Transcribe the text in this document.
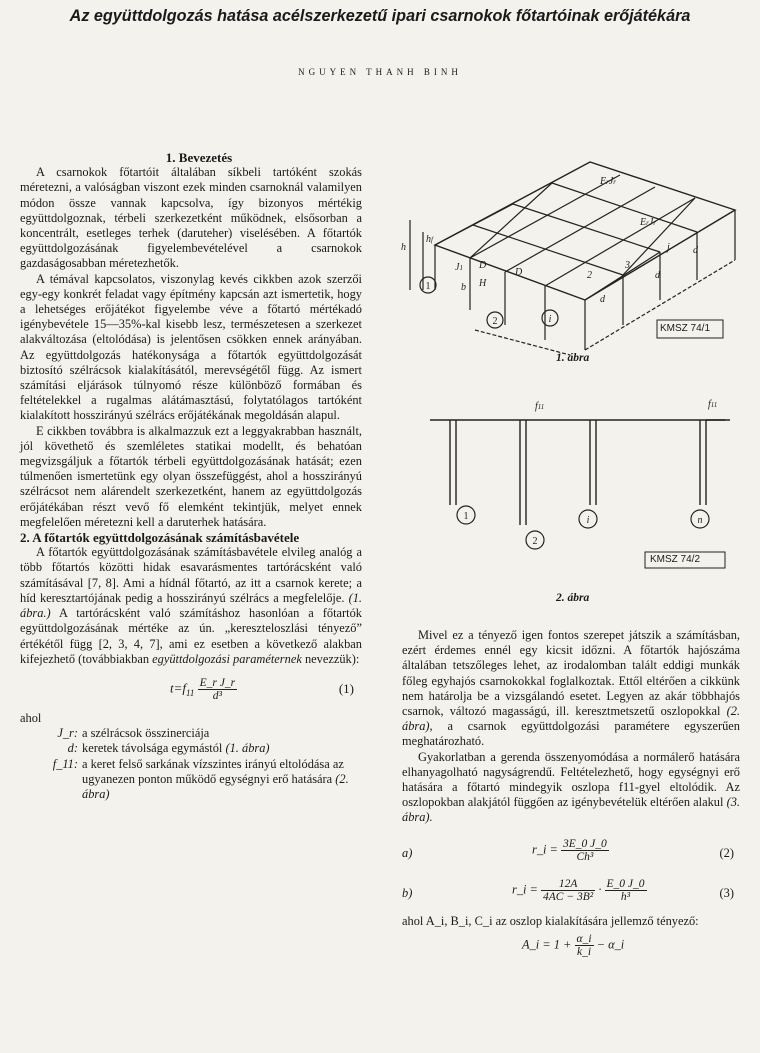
Az együttdolgozás hatása acélszerkezetű ipari csarnokok főtartóinak erőjátékára
NGUYEN THANH BINH

1. Bevezetés

A csarnokok főtartóit általában síkbeli tartóként szokás méretezni, a valóságban viszont ezek minden csarnoknál valamilyen módon össze vannak kapcsolva, így bizonyos mértékig együttdolgoznak, térbeli szerkezetként működnek, elsősorban a koncentrált, esetleges terhek (daruteher) viselésében. A főtartók együttdolgozásának figyelembevételével a csarnokok gazdaságosabban méretezhetők.

A témával kapcsolatos, viszonylag kevés cikkben azok szerzői egy-egy konkrét feladat vagy építmény kapcsán azt ismertetik, hogy a lehetséges erőjátékot figyelembe véve a főtartó mértékadó igénybevétele 15—35%-kal kisebb lesz, természetesen a szerkezet alakváltozása (eltolódása) is jelentősen csökken ennek arányában. Az együttdolgozás hatékonysága a főtartók együttdolgozását biztosító szélrácsok kialakításától, merevségétől függ. Az ismert számítási eljárások túlnyomó része különböző formában és feltételekkel a rugalmas alátámasztású, folytatólagos tartóként kialakított hosszirányú szélrács erőjátékának megoldásán alapul.

E cikkben továbbra is alkalmazzuk ezt a leggyakrabban használt, jól követhető és szemléletes statikai modellt, és behatóan megvizsgáljuk a főtartók térbeli együttdolgozásának hatását; ezen túlmenően ismertetünk egy olyan összefüggést, ahol a hosszirányú szélrácsot nem alárendelt szerkezetként, hanem az együttdolgozás erőjátékában részt vevő fő elemként tekintjük, melyet ennek megfelelően méretezni kell a daruterhek hatására.

2. A főtartók együttdolgozásának számításbavétele

A főtartók együttdolgozásának számításbavétele elvileg analóg a több főtartós közötti hidak esavarásmentes tartórácsként való számításával [7, 8]. Ami a hídnál főtartó, az itt a csarnok kerete; a híd keresztartójának pedig a hosszirányú szélrács a megfelelője. (1. ábra.) A tartórácsként való számításhoz hasonlóan a főtartók együttdolgozásának mértéke az ún. „kereszteloszlási tényező” értékétől függ [2, 3, 4, 7], ami ez esetben a következő alakban kifejezhető (továbbiakban együttdolgozási paraméternek nevezzük):

$t=f_{11} \frac{\text{E\_r J\_r}}{\text{d³}}$	(1)
ahol
J_r: a szélrácsok összinerciája
d: keretek távolsága egymástól (1. ábra)
f_11: a keret felső sarkának vízszintes irányú eltolódása az ugyanezen ponton működő egységnyi erő hatására (2. ábra)
ErJr
ErJr
h
hf
J1 D
H
D
b
2
3
j d
d
d
1
2	i
KMSZ 74/1
1. ábra
f11	f11
1
2
i	n
KMSZ 74/2
2. ábra

Mivel ez a tényező igen fontos szerepet játszik a számításban, ezért érdemes ennél egy kicsit időzni. A főtartók hajószáma általában tetszőleges lehet, az irodalomban talált eddigi munkák főleg egyhajós csarnokokkal foglalkoztak. Ettől eltérően a cikkünk nem határolja be a vizsgálandó esetet. Legyen az akár többhajós csarnok, változó magasságú, ill. keresztmetszetű oszlopokkal (2. ábra), a csarnok együttdolgozási paramétere egyszerűen meghatározható.

Gyakorlatban a gerenda összenyomódása a normálerő hatására elhanyagolható nagyságrendű. Feltételezhető, hogy egységnyi erő hatására a főtartó mindegyik oszlopa f11-gyel eltolódik. Az oszlopokban alakjától függően az igénybevételük eltérően alakul (3. ábra).

a)	r_i = $\frac{3E\_0 J\_0}{\text{Ch³}}$	(2)
b)	r_i = $\frac{12A}{\text{4AC − 3B²}} \cdot \frac{E\_0 J\_0}{\text{h³}}$	(3)

ahol A_i, B_i, C_i az oszlop kialakítására jellemző tényező:

A_i = $1 + \frac{\alpha\_i}{k\_i}$ − α_i
